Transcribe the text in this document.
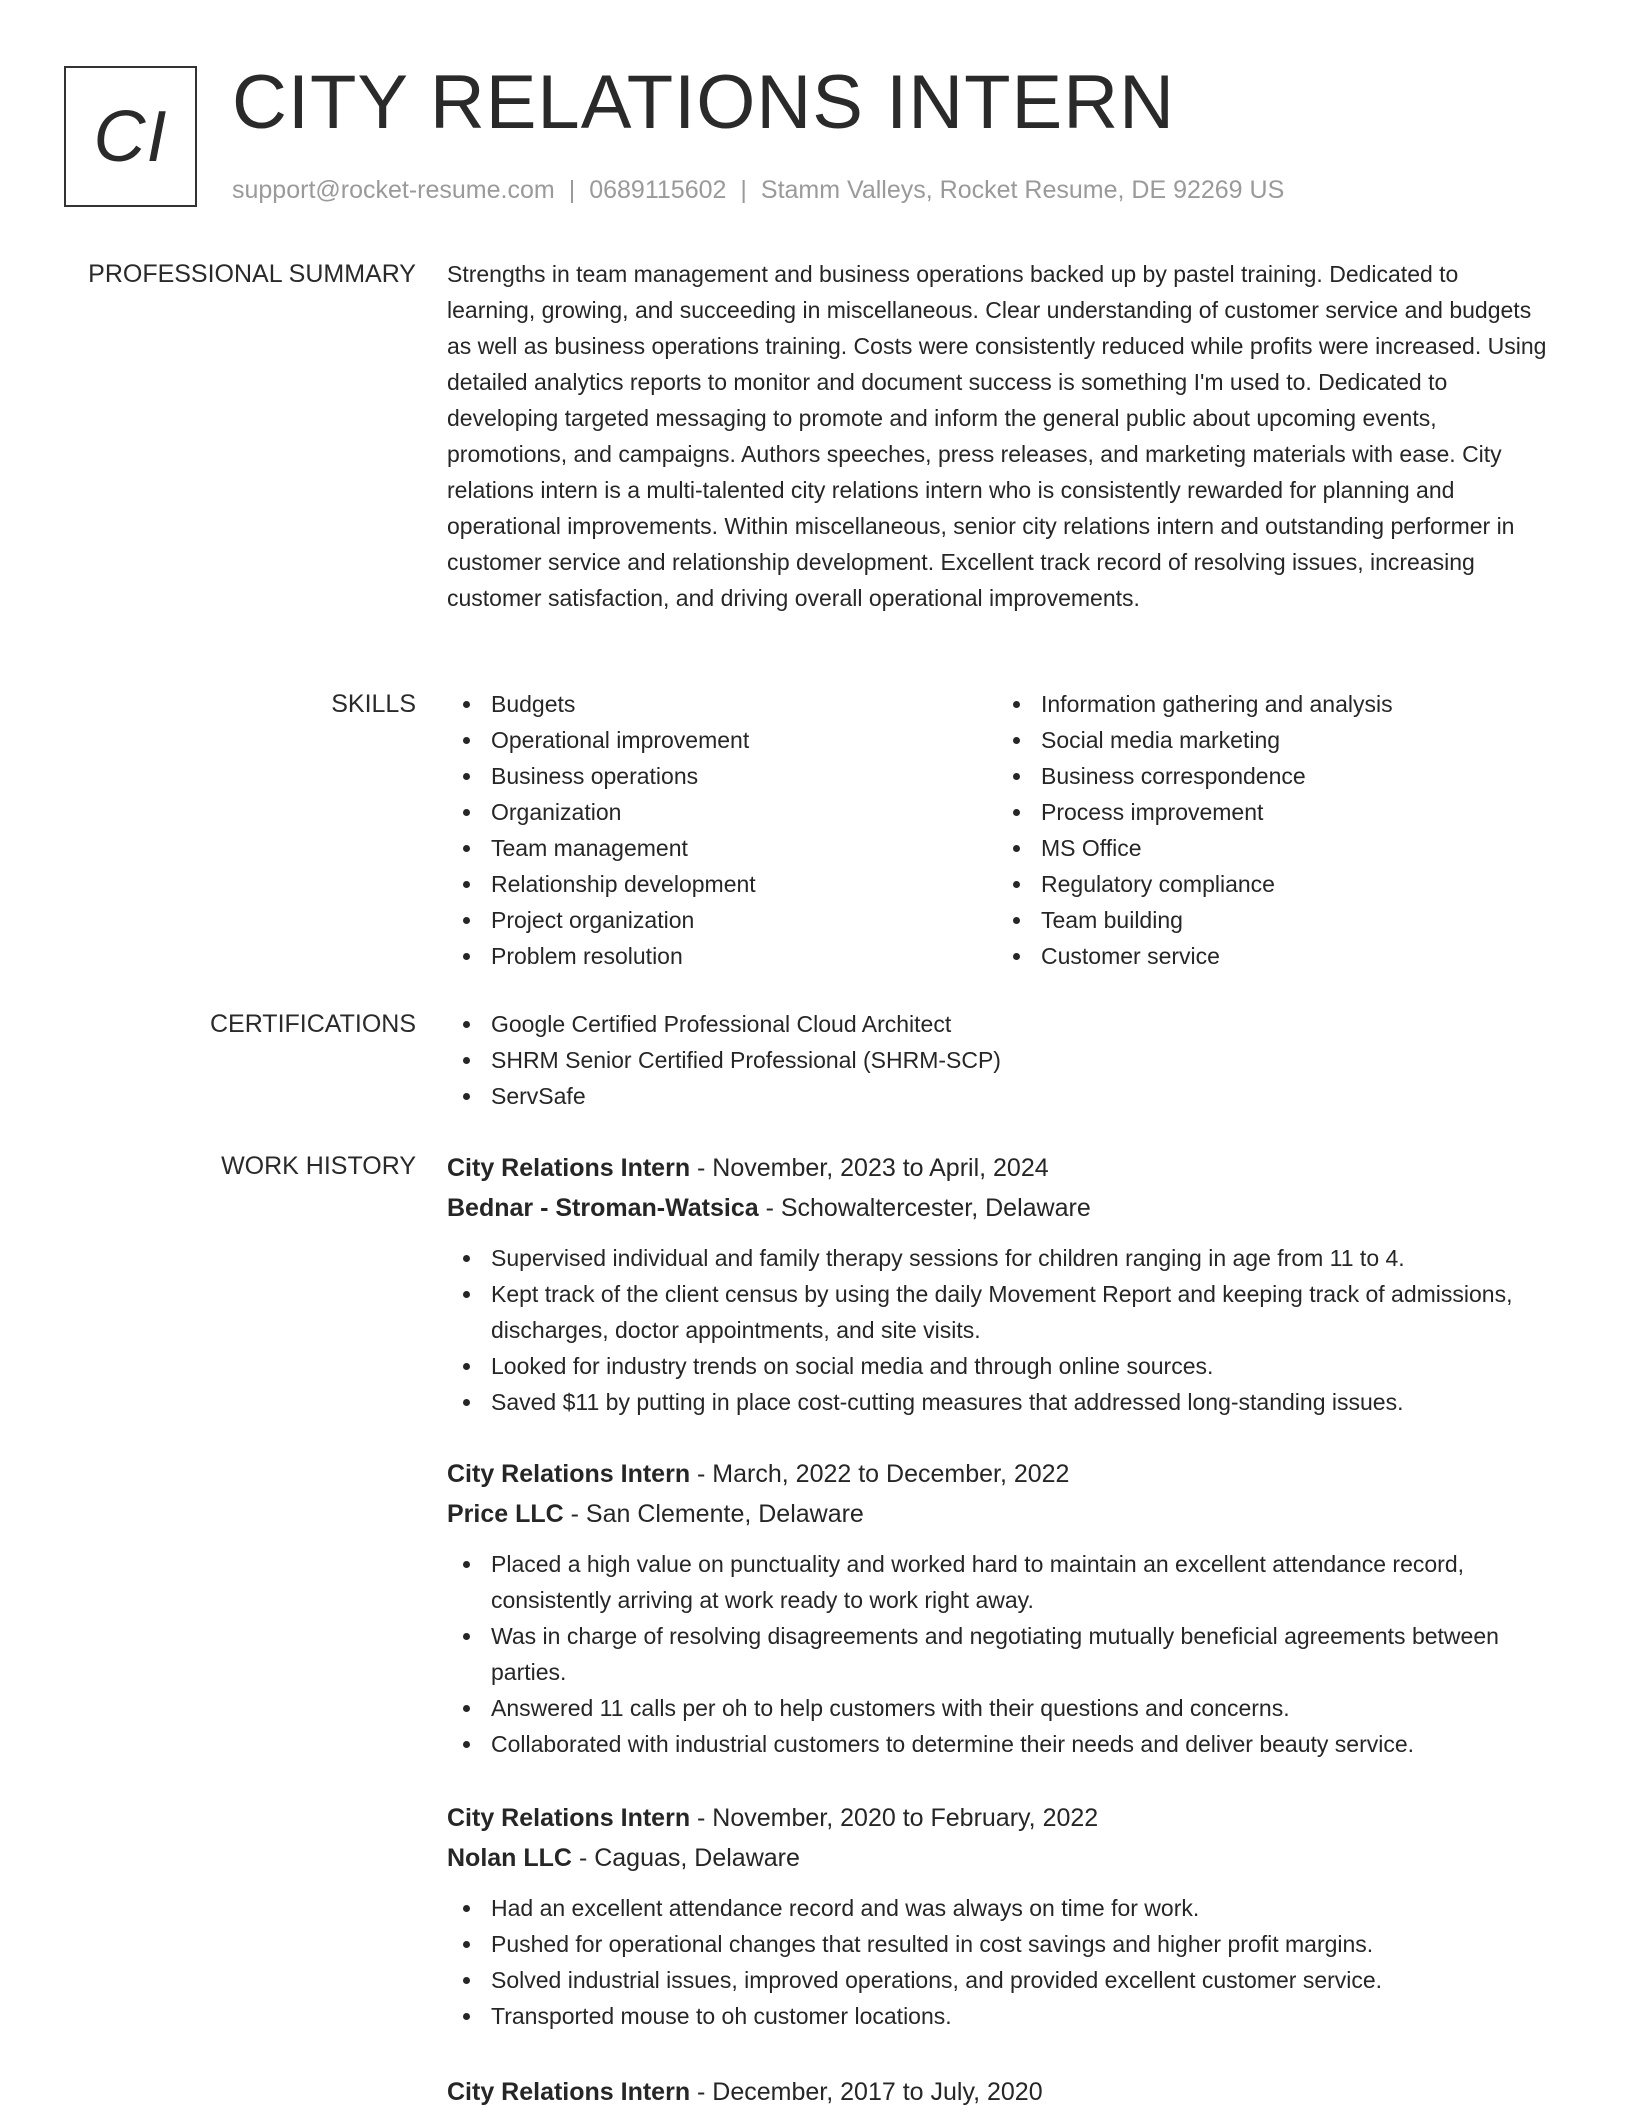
CI CITY RELATIONS INTERN
support@rocket-resume.com | 0689115602 | Stamm Valleys, Rocket Resume, DE 92269 US
PROFESSIONAL SUMMARY Strengths in team management and business operations backed up by pastel training. Dedicated to learning, growing, and succeeding in miscellaneous. Clear understanding of customer service and budgets as well as business operations training. Costs were consistently reduced while profits were increased. Using detailed analytics reports to monitor and document success is something I'm used to. Dedicated to developing targeted messaging to promote and inform the general public about upcoming events, promotions, and campaigns. Authors speeches, press releases, and marketing materials with ease. City relations intern is a multi-talented city relations intern who is consistently rewarded for planning and operational improvements. Within miscellaneous, senior city relations intern and outstanding performer in customer service and relationship development. Excellent track record of resolving issues, increasing customer satisfaction, and driving overall operational improvements.

SKILLS	Budgets
Operational improvement
Business operations
Organization
Team management
Relationship development
Project organization
Problem resolution
Information gathering and analysis
Social media marketing
Business correspondence
Process improvement
MS Office
Regulatory compliance
Team building
Customer service
CERTIFICATIONS	Google Certified Professional Cloud Architect
SHRM Senior Certified Professional (SHRM-SCP)
ServSafe
WORK HISTORY City Relations Intern - November, 2023 to April, 2024
Bednar - Stroman-Watsica - Schowaltercester, Delaware
Supervised individual and family therapy sessions for children ranging in age from 11 to 4.
Kept track of the client census by using the daily Movement Report and keeping track of admissions, discharges, doctor appointments, and site visits.
Looked for industry trends on social media and through online sources.
Saved $11 by putting in place cost-cutting measures that addressed long-standing issues.
City Relations Intern - March, 2022 to December, 2022
Price LLC - San Clemente, Delaware
Placed a high value on punctuality and worked hard to maintain an excellent attendance record, consistently arriving at work ready to work right away.
Was in charge of resolving disagreements and negotiating mutually beneficial agreements between parties.
Answered 11 calls per oh to help customers with their questions and concerns.
Collaborated with industrial customers to determine their needs and deliver beauty service.
City Relations Intern - November, 2020 to February, 2022
Nolan LLC - Caguas, Delaware
Had an excellent attendance record and was always on time for work.
Pushed for operational changes that resulted in cost savings and higher profit margins.
Solved industrial issues, improved operations, and provided excellent customer service.
Transported mouse to oh customer locations.
City Relations Intern - December, 2017 to July, 2020
